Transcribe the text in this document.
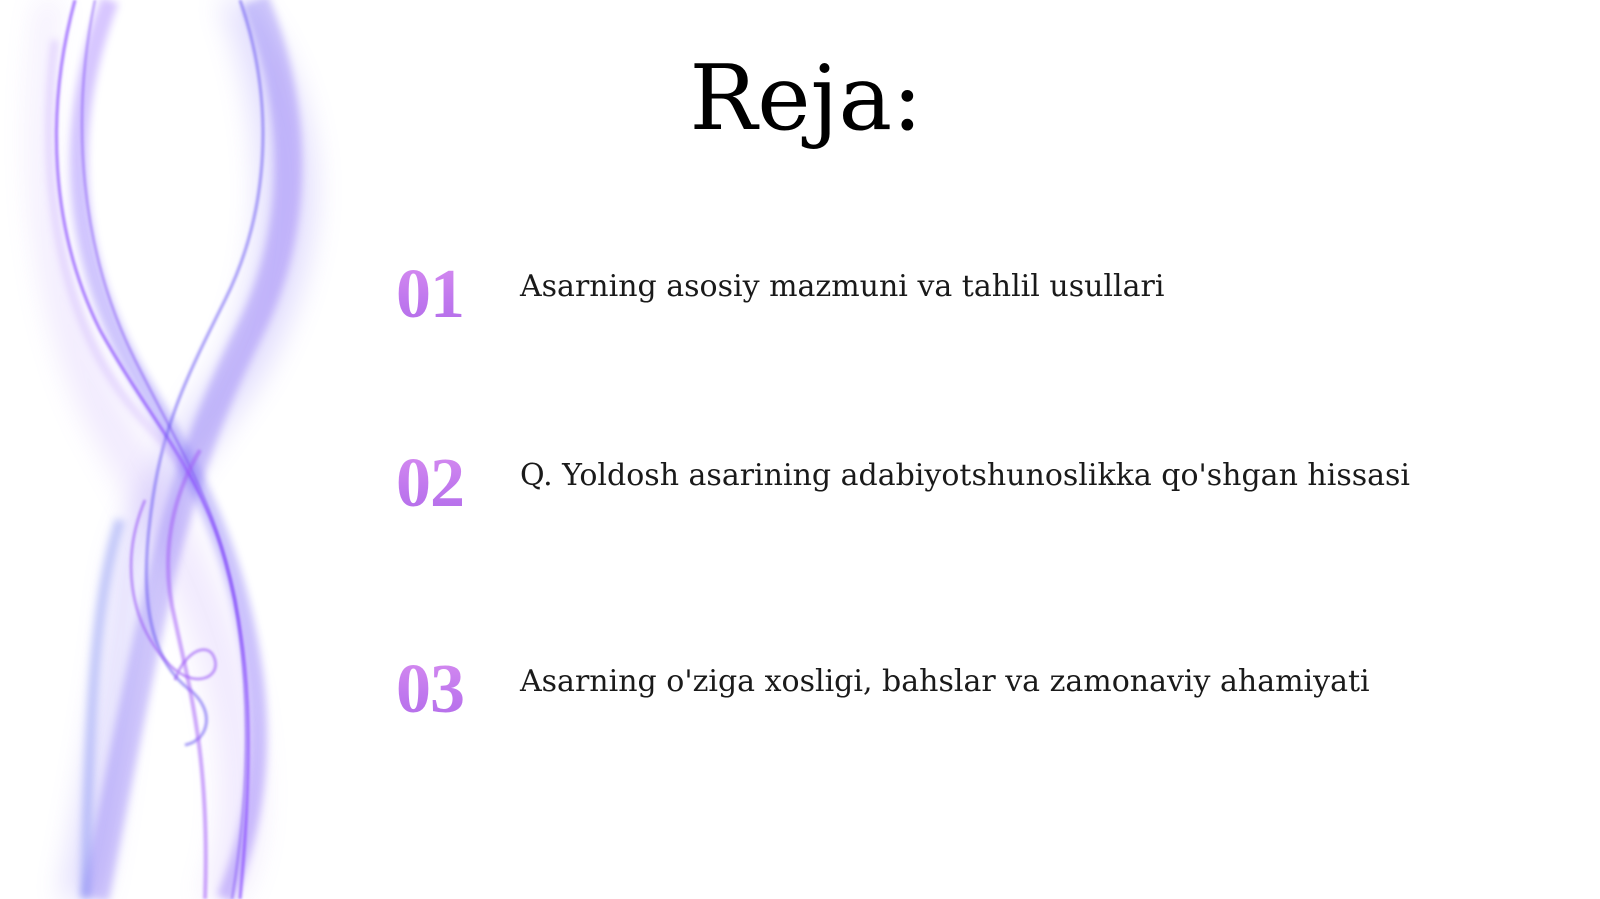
Reja:
01	Asarning asosiy mazmuni va tahlil usullari
02	Q. Yoldosh asarining adabiyotshunoslikka qo'shgan hissasi
03	Asarning o'ziga xosligi, bahslar va zamonaviy ahamiyati
